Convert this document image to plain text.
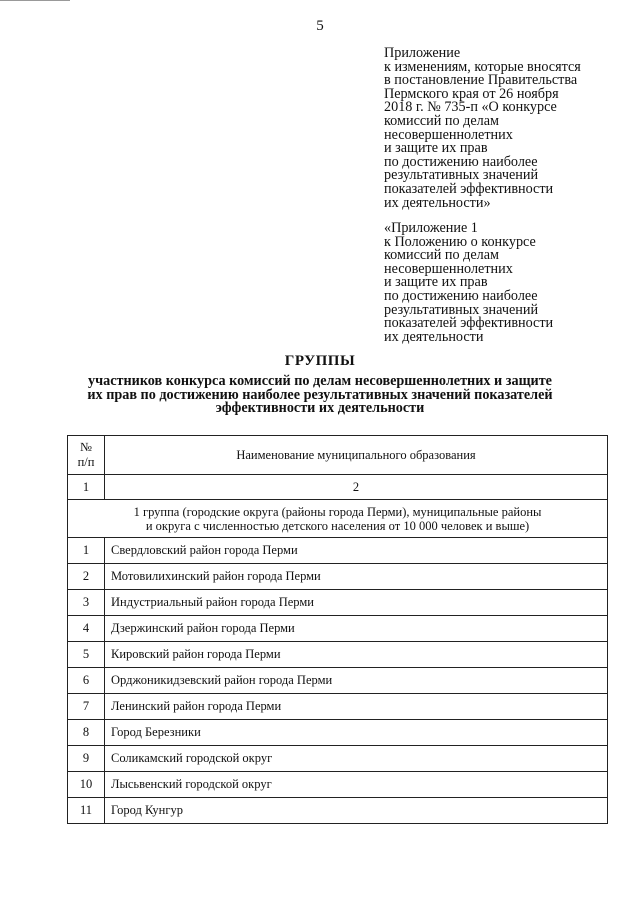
5
Приложение
к изменениям, которые вносятся
в постановление Правительства
Пермского края от 26 ноября
2018 г. № 735-п «О конкурсе
комиссий по делам
несовершеннолетних
и защите их прав
по достижению наиболее
результативных значений
показателей эффективности
их деятельности»
«Приложение 1
к Положению о конкурсе
комиссий по делам
несовершеннолетних
и защите их прав
по достижению наиболее
результативных значений
показателей эффективности
их деятельности
ГРУППЫ
участников конкурса комиссий по делам несовершеннолетних и защите
их прав по достижению наиболее результативных значений показателей
эффективности их деятельности
№
п/п	Наименование муниципального образования
1	2

1 группа (городские округа (районы города Перми), муниципальные районы
и округа с численностью детского населения от 10 000 человек и выше)	

1	Свердловский район города Перми
2	Мотовилихинский район города Перми
3	Индустриальный район города Перми
4	Дзержинский район города Перми
5	Кировский район города Перми
6	Орджоникидзевский район города Перми
7	Ленинский район города Перми
8	Город Березники
9	Соликамский городской округ
10	Лысьвенский городской округ
11	Город Кунгур
